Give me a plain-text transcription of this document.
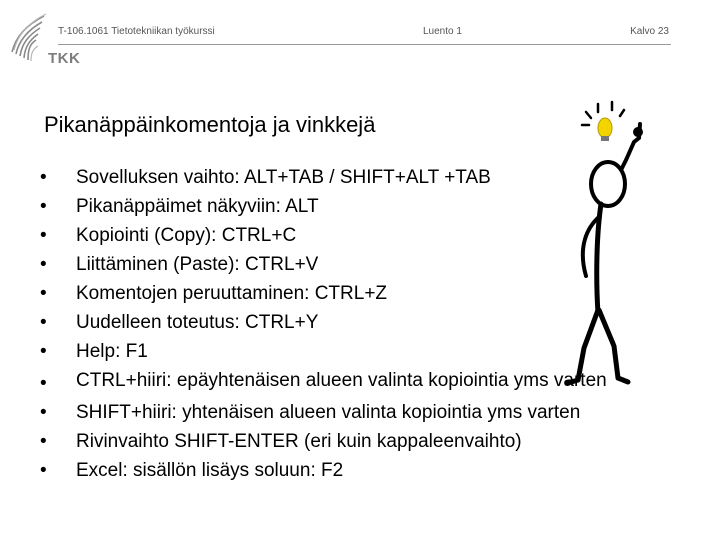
TKK
T-106.1061 Tietotekniikan työkurssi	Luento 1	Kalvo 23
Pikanäppäinkomentoja ja vinkkejä
•	Sovelluksen vaihto: ALT+TAB / SHIFT+ALT +TAB
•	Pikanäppäimet näkyviin: ALT
•	Kopiointi (Copy): CTRL+C
•	Liittäminen (Paste): CTRL+V
•	Komentojen peruuttaminen: CTRL+Z
•	Uudelleen toteutus: CTRL+Y
•	Help: F1
•	CTRL+hiiri: epäyhtenäisen alueen valinta kopiointia yms varten
•	SHIFT+hiiri: yhtenäisen alueen valinta kopiointia yms varten
•	Rivinvaihto SHIFT-ENTER (eri kuin kappaleenvaihto)
•	Excel: sisällön lisäys soluun: F2
